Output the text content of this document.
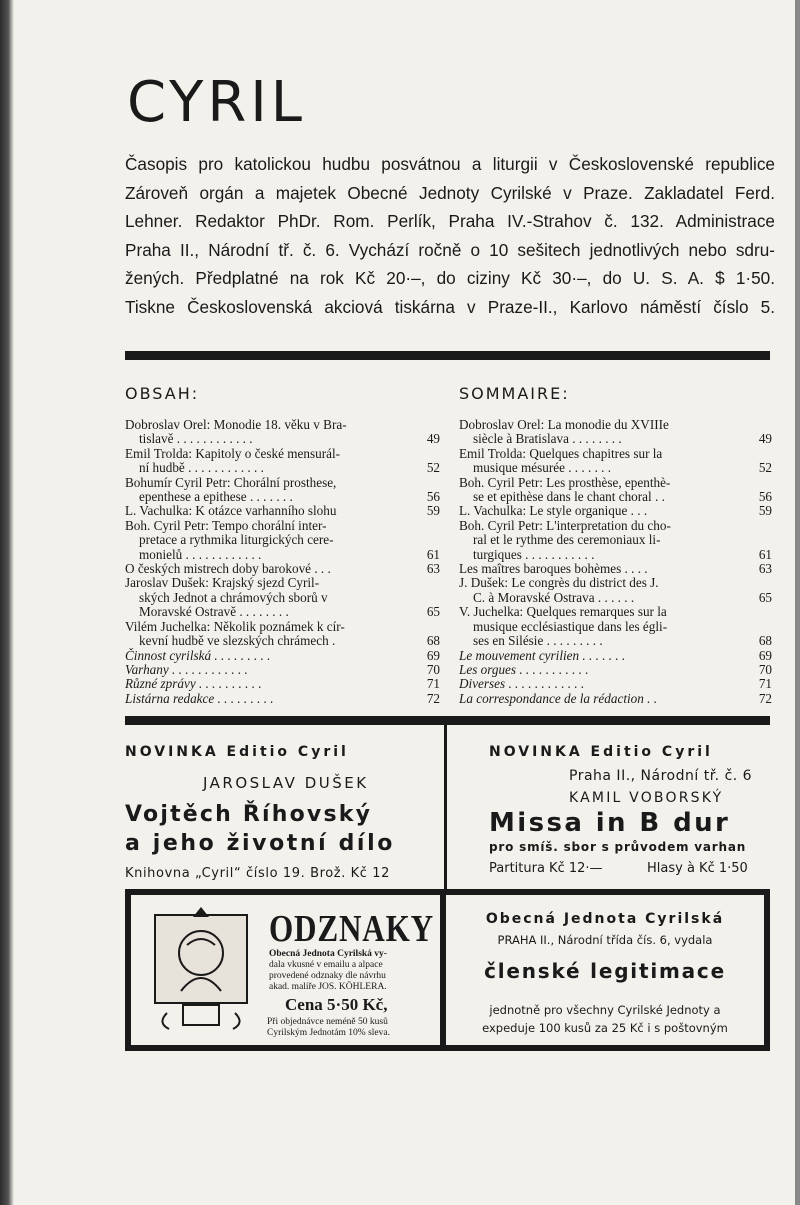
CYRIL
Časopis pro katolickou hudbu posvátnou a liturgii v Československé republice
Zároveň orgán a majetek Obecné Jednoty Cyrilské v Praze. Zakladatel Ferd.
Lehner. Redaktor PhDr. Rom. Perlík, Praha IV.-Strahov č. 132. Administrace
Praha II., Národní tř. č. 6. Vychází ročně o 10 sešitech jednotlivých nebo sdru-
žených. Předplatné na rok Kč 20·–, do ciziny Kč 30·–, do U. S. A. $ 1·50.
Tiskne Československá akciová tiskárna v Praze-II., Karlovo náměstí číslo 5.
OBSAH:	SOMMAIRE:
Dobroslav Orel: Monodie 18. věku v Bra-
tislavě . . . . . . . . . . . .	49
Emil Trolda: Kapitoly o české mensurál-
ní hudbě . . . . . . . . . . . .	52
Bohumír Cyril Petr: Chorální prosthese,
epenthese a epithese . . . . . . .	56
L. Vachulka: K otázce varhanního slohu	59
Boh. Cyril Petr: Tempo chorální inter-
pretace a rythmika liturgických cere-
monielů . . . . . . . . . . . .	61
O českých mistrech doby barokové . . .	63
Jaroslav Dušek: Krajský sjezd Cyril-
ských Jednot a chrámových sborů v
Moravské Ostravě . . . . . . . .	65
Vilém Juchelka: Několik poznámek k cír-
kevní hudbě ve slezských chrámech .	68
Činnost cyrilská . . . . . . . . .	69
Varhany . . . . . . . . . . . .	70
Různé zprávy . . . . . . . . . .	71
Listárna redakce . . . . . . . . .	72
Dobroslav Orel: La monodie du XVIIIe
siècle à Bratislava . . . . . . . .	49
Emil Trolda: Quelques chapitres sur la
musique mésurée . . . . . . .	52
Boh. Cyril Petr: Les prosthèse, epenthè-
se et epithèse dans le chant choral . .	56
L. Vachulka: Le style organique . . .	59
Boh. Cyril Petr: L'interpretation du cho-
ral et le rythme des ceremoniaux li-
turgiques . . . . . . . . . . .	61
Les maîtres baroques bohèmes . . . .	63
J. Dušek: Le congrès du district des J.
C. à Moravské Ostrava . . . . . .	65
V. Juchelka: Quelques remarques sur la
musique ecclésiastique dans les égli-
ses en Silésie . . . . . . . . .	68
Le mouvement cyrilien . . . . . . .	69
Les orgues . . . . . . . . . . .	70
Diverses . . . . . . . . . . . .	71
La correspondance de la rédaction . .	72
NOVINKA Editio Cyril
JAROSLAV DUŠEK
Vojtěch Říhovský
a jeho životní dílo
Knihovna „Cyril“ číslo 19. Brož. Kč 12
NOVINKA Editio Cyril
Praha II., Národní tř. č. 6
KAMIL VOBORSKÝ
Missa in B dur
pro smíš. sbor s průvodem varhan
Partitura Kč 12·—	Hlasy à Kč 1·50
ODZNAKY
Obecná Jednota Cyrilská vy-
dala vkusné v emailu a alpace
provedené odznaky dle návrhu
akad. malíře JOS. KÖHLERA.
Cena 5·50 Kč,
Při objednávce neméně 50 kusů
Cyrilským Jednotám 10% sleva.
Obecná Jednota Cyrilská
PRAHA II., Národní třída čís. 6, vydala
členské legitimace
jednotně pro všechny Cyrilské Jednoty a
expeduje 100 kusů za 25 Kč i s poštovným
